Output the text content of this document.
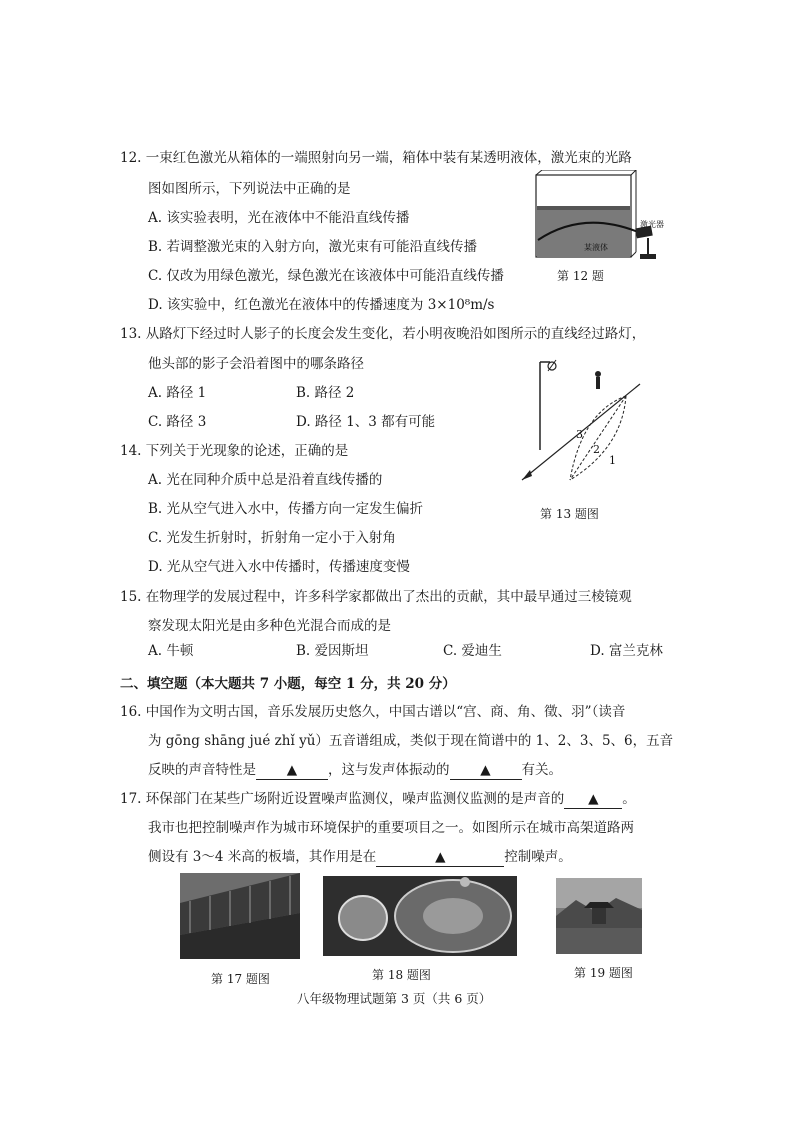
12. 一束红色激光从箱体的一端照射向另一端，箱体中装有某透明液体，激光束的光路
图如图所示，下列说法中正确的是
A. 该实验表明，光在液体中不能沿直线传播
B. 若调整激光束的入射方向，激光束有可能沿直线传播
C. 仅改为用绿色激光，绿色激光在该液体中可能沿直线传播
D. 该实验中，红色激光在液体中的传播速度为 3×10⁸m/s
激光器
某液体
第 12 题
13. 从路灯下经过时人影子的长度会发生变化，若小明夜晚沿如图所示的直线经过路灯，
他头部的影子会沿着图中的哪条路径
A. 路径 1	B. 路径 2
C. 路径 3	D. 路径 1、3 都有可能
3
2
1
第 13 题图
14. 下列关于光现象的论述，正确的是
A. 光在同种介质中总是沿着直线传播的
B. 光从空气进入水中，传播方向一定发生偏折
C. 光发生折射时，折射角一定小于入射角
D. 光从空气进入水中传播时，传播速度变慢
15. 在物理学的发展过程中，许多科学家都做出了杰出的贡献，其中最早通过三棱镜观
察发现太阳光是由多种色光混合而成的是
A. 牛顿	B. 爱因斯坦	C. 爱迪生	D. 富兰克林
二、填空题（本大题共 7 小题，每空 1 分，共 20 分）
16. 中国作为文明古国，音乐发展历史悠久，中国古谱以“宫、商、角、徵、羽”（读音
为 gōng shāng jué zhǐ yǔ）五音谱组成，类似于现在简谱中的 1、2、3、5、6，五音
反映的声音特性是 ▲ ，这与发声体振动的 ▲ 有关。
17. 环保部门在某些广场附近设置噪声监测仪，噪声监测仪监测的是声音的 ▲ 。
我市也把控制噪声作为城市环境保护的重要项目之一。如图所示在城市高架道路两
侧设有 3～4 米高的板墙，其作用是在	▲	控制噪声。
第 17 题图	第 18 题图	第 19 题图
八年级物理试题第 3 页（共 6 页）
